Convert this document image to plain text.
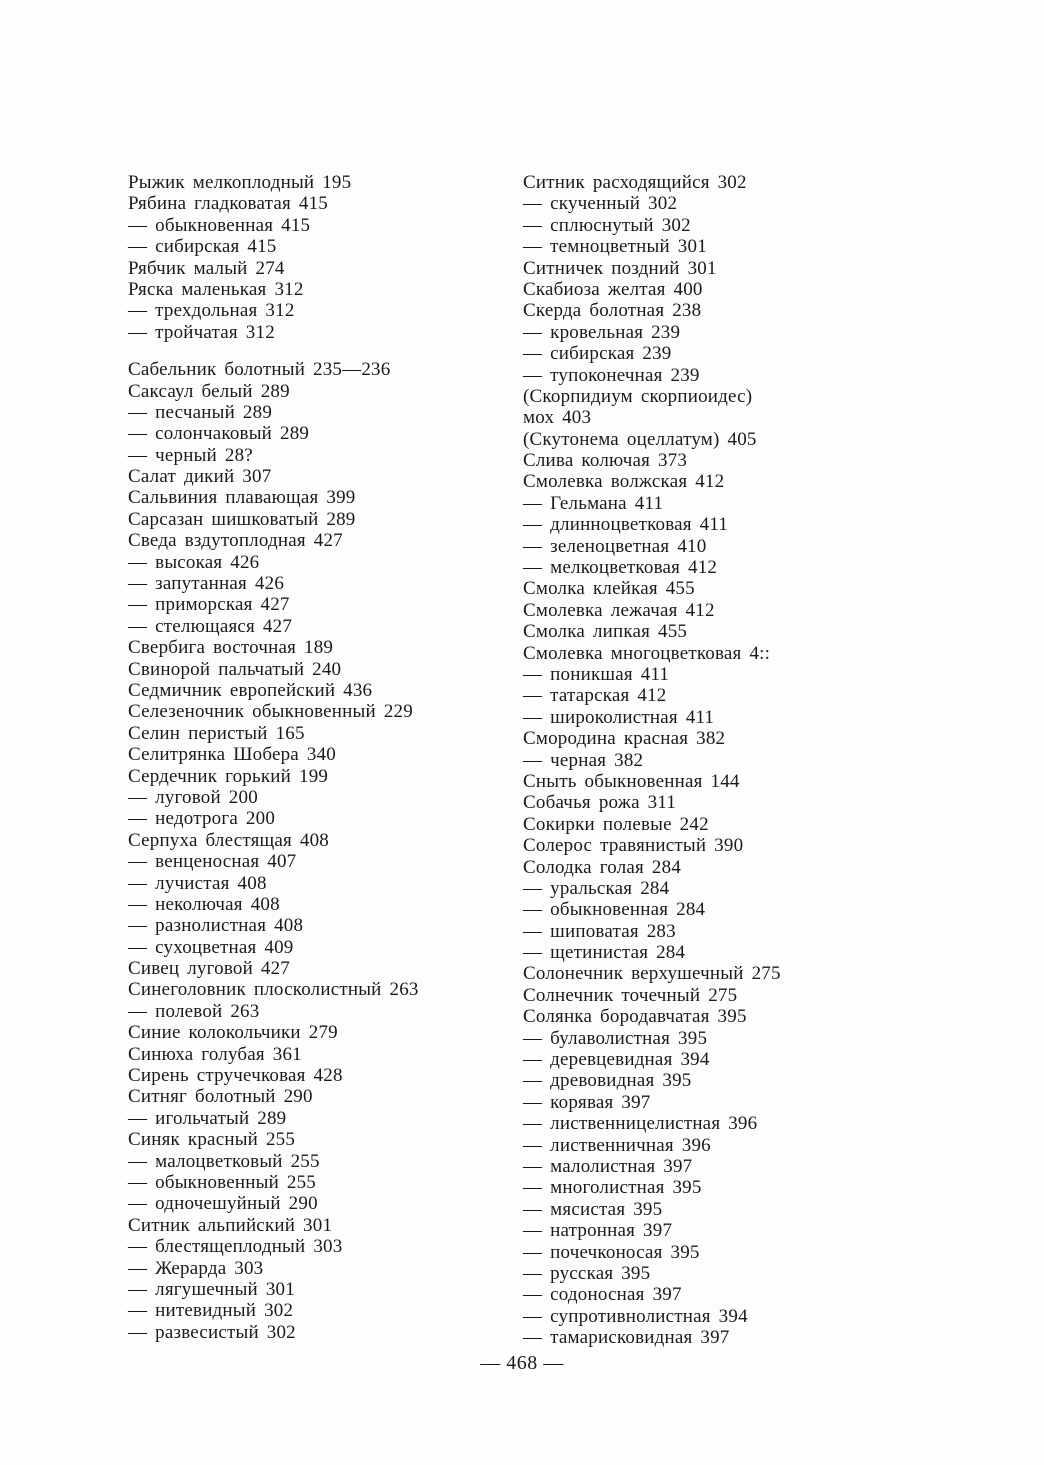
Рыжик мелкоплодный 195
Рябина гладковатая 415
— обыкновенная 415
— сибирская 415
Рябчик малый 274
Ряска маленькая 312
— трехдольная 312
— тройчатая 312
Сабельник болотный 235—236
Саксаул белый 289
— песчаный 289
— солончаковый 289
— черный 28?
Салат дикий 307
Сальвиния плавающая 399
Сарсазан шишковатый 289
Сведа вздутоплодная 427
— высокая 426
— запутанная 426
— приморская 427
— стелющаяся 427
Свербига восточная 189
Свинорой пальчатый 240
Седмичник европейский 436
Селезеночник обыкновенный 229
Селин перистый 165
Селитрянка Шобера 340
Сердечник горький 199
— луговой 200
— недотрога 200
Серпуха блестящая 408
— венценосная 407
— лучистая 408
— неколючая 408
— разнолистная 408
— сухоцветная 409
Сивец луговой 427
Синеголовник плосколистный 263
— полевой 263
Синие колокольчики 279
Синюха голубая 361
Сирень стручечковая 428
Ситняг болотный 290
— игольчатый 289
Синяк красный 255
— малоцветковый 255
— обыкновенный 255
— одночешуйный 290
Ситник альпийский 301
— блестящеплодный 303
— Жерарда 303
— лягушечный 301
— нитевидный 302
— развесистый 302
Ситник расходящийся 302
— скученный 302
— сплюснутый 302
— темноцветный 301
Ситничек поздний 301
Скабиоза желтая 400
Скерда болотная 238
— кровельная 239
— сибирская 239
— тупоконечная 239
(Скорпидиум скорпиоидес)
мох 403
(Скутонема оцеллатум) 405
Слива колючая 373
Смолевка волжская 412
— Гельмана 411
— длинноцветковая 411
— зеленоцветная 410
— мелкоцветковая 412
Смолка клейкая 455
Смолевка лежачая 412
Смолка липкая 455
Смолевка многоцветковая 4::
— поникшая 411
— татарская 412
— широколистная 411
Смородина красная 382
— черная 382
Сныть обыкновенная 144
Собачья рожа 311
Сокирки полевые 242
Солерос травянистый 390
Солодка голая 284
— уральская 284
— обыкновенная 284
— шиповатая 283
— щетинистая 284
Солонечник верхушечный 275
Солнечник точечный 275
Солянка бородавчатая 395
— булаволистная 395
— деревцевидная 394
— древовидная 395
— корявая 397
— лиственницелистная 396
— лиственничная 396
— малолистная 397
— многолистная 395
— мясистая 395
— натронная 397
— почечконосая 395
— русская 395
— содоносная 397
— супротивнолистная 394
— тамарисковидная 397
— 468 —
